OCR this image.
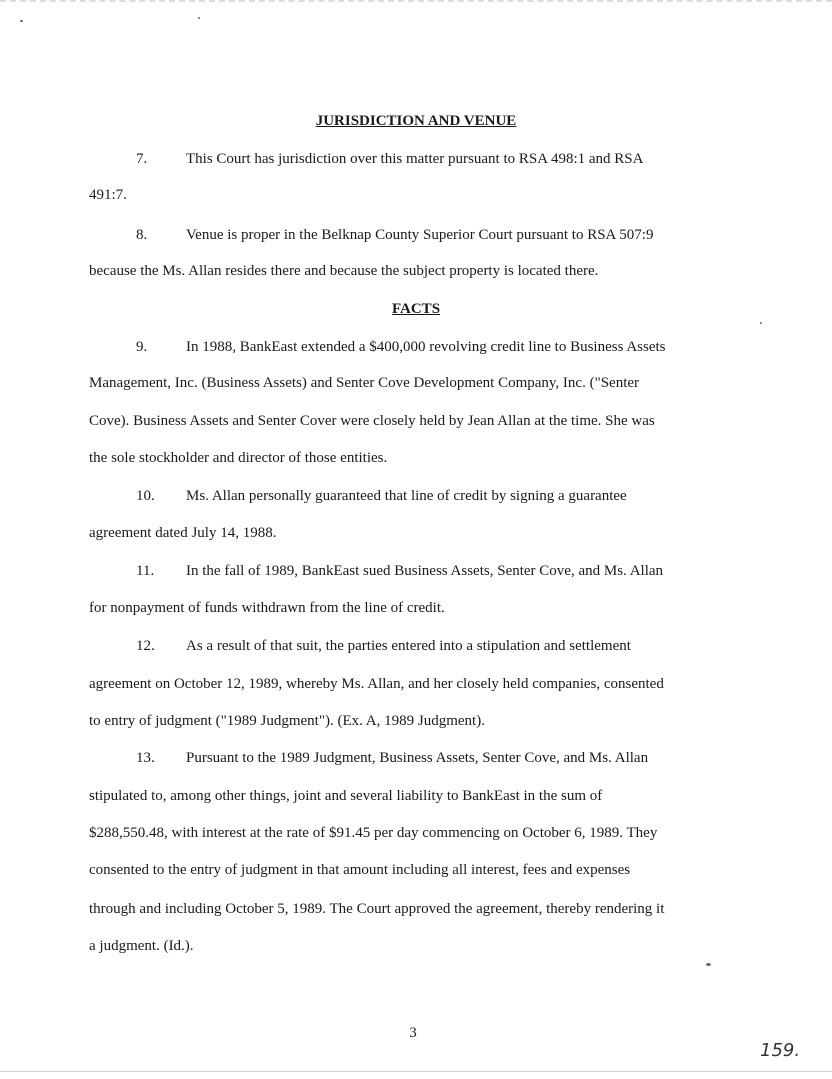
JURISDICTION AND VENUE
7.	This Court has jurisdiction over this matter pursuant to RSA 498:1 and RSA
491:7.
8.	Venue is proper in the Belknap County Superior Court pursuant to RSA 507:9
because the Ms. Allan resides there and because the subject property is located there.
FACTS
9.	In 1988, BankEast extended a $400,000 revolving credit line to Business Assets
Management, Inc. (Business Assets) and Senter Cove Development Company, Inc. ("Senter
Cove). Business Assets and Senter Cover were closely held by Jean Allan at the time. She was
the sole stockholder and director of those entities.
10. Ms. Allan personally guaranteed that line of credit by signing a guarantee
agreement dated July 14, 1988.
11. In the fall of 1989, BankEast sued Business Assets, Senter Cove, and Ms. Allan
for nonpayment of funds withdrawn from the line of credit.
12. As a result of that suit, the parties entered into a stipulation and settlement
agreement on October 12, 1989, whereby Ms. Allan, and her closely held companies, consented
to entry of judgment ("1989 Judgment"). (Ex. A, 1989 Judgment).
13. Pursuant to the 1989 Judgment, Business Assets, Senter Cove, and Ms. Allan
stipulated to, among other things, joint and several liability to BankEast in the sum of
$288,550.48, with interest at the rate of $91.45 per day commencing on October 6, 1989. They
consented to the entry of judgment in that amount including all interest, fees and expenses
through and including October 5, 1989. The Court approved the agreement, thereby rendering it
a judgment. (Id.).
3
159.
